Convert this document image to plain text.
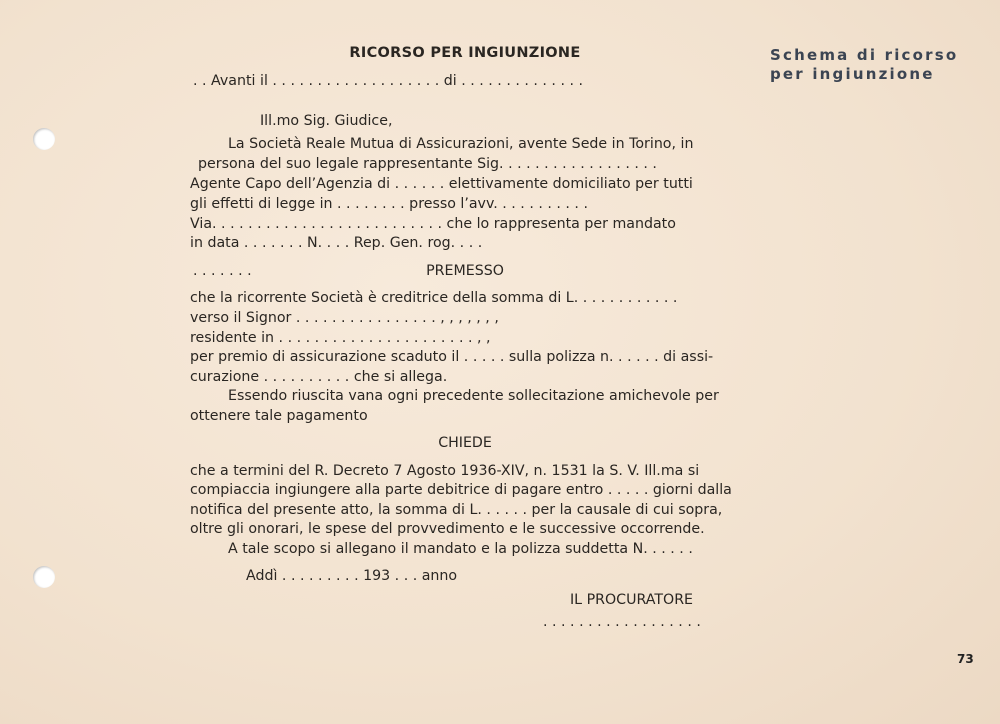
Schema di ricorso
per ingiunzione
RICORSO PER INGIUNZIONE
. . Avanti il . . . . . . . . . . . . . . . . . . . di . . . . . . . . . . . . . .
Ill.mo Sig. Giudice,
La Società Reale Mutua di Assicurazioni, avente Sede in Torino, in
persona del suo legale rappresentante Sig. . . . . . . . . . . . . . . . . .
Agente Capo dell’Agenzia di . . . . . . elettivamente domiciliato per tutti
gli effetti di legge in . . . . . . . . presso l’avv. . . . . . . . . . .
Via. . . . . . . . . . . . . . . . . . . . . . . . . . che lo rappresenta per mandato
in data . . . . . . . N. . . . Rep. Gen. rog. . . .
. . . . . . .	PREMESSO
che la ricorrente Società è creditrice della somma di L. . . . . . . . . . . .
verso il Signor . . . . . . . . . . . . . . . . , , , , , , ,
residente in . . . . . . . . . . . . . . . . . . . . . . , ,
per premio di assicurazione scaduto il . . . . . sulla polizza n. . . . . . di assi-
curazione . . . . . . . . . . che si allega.
Essendo riuscita vana ogni precedente sollecitazione amichevole per
ottenere tale pagamento
CHIEDE
che a termini del R. Decreto 7 Agosto 1936-XIV, n. 1531 la S. V. Ill.ma si
compiaccia ingiungere alla parte debitrice di pagare entro . . . . . giorni dalla
notifica del presente atto, la somma di L. . . . . . per la causale di cui sopra,
oltre gli onorari, le spese del provvedimento e le successive occorrende.
A tale scopo si allegano il mandato e la polizza suddetta N. . . . . .
Addì . . . . . . . . . 193 . . . anno
IL PROCURATORE
. . . . . . . . . . . . . . . . . .
73
